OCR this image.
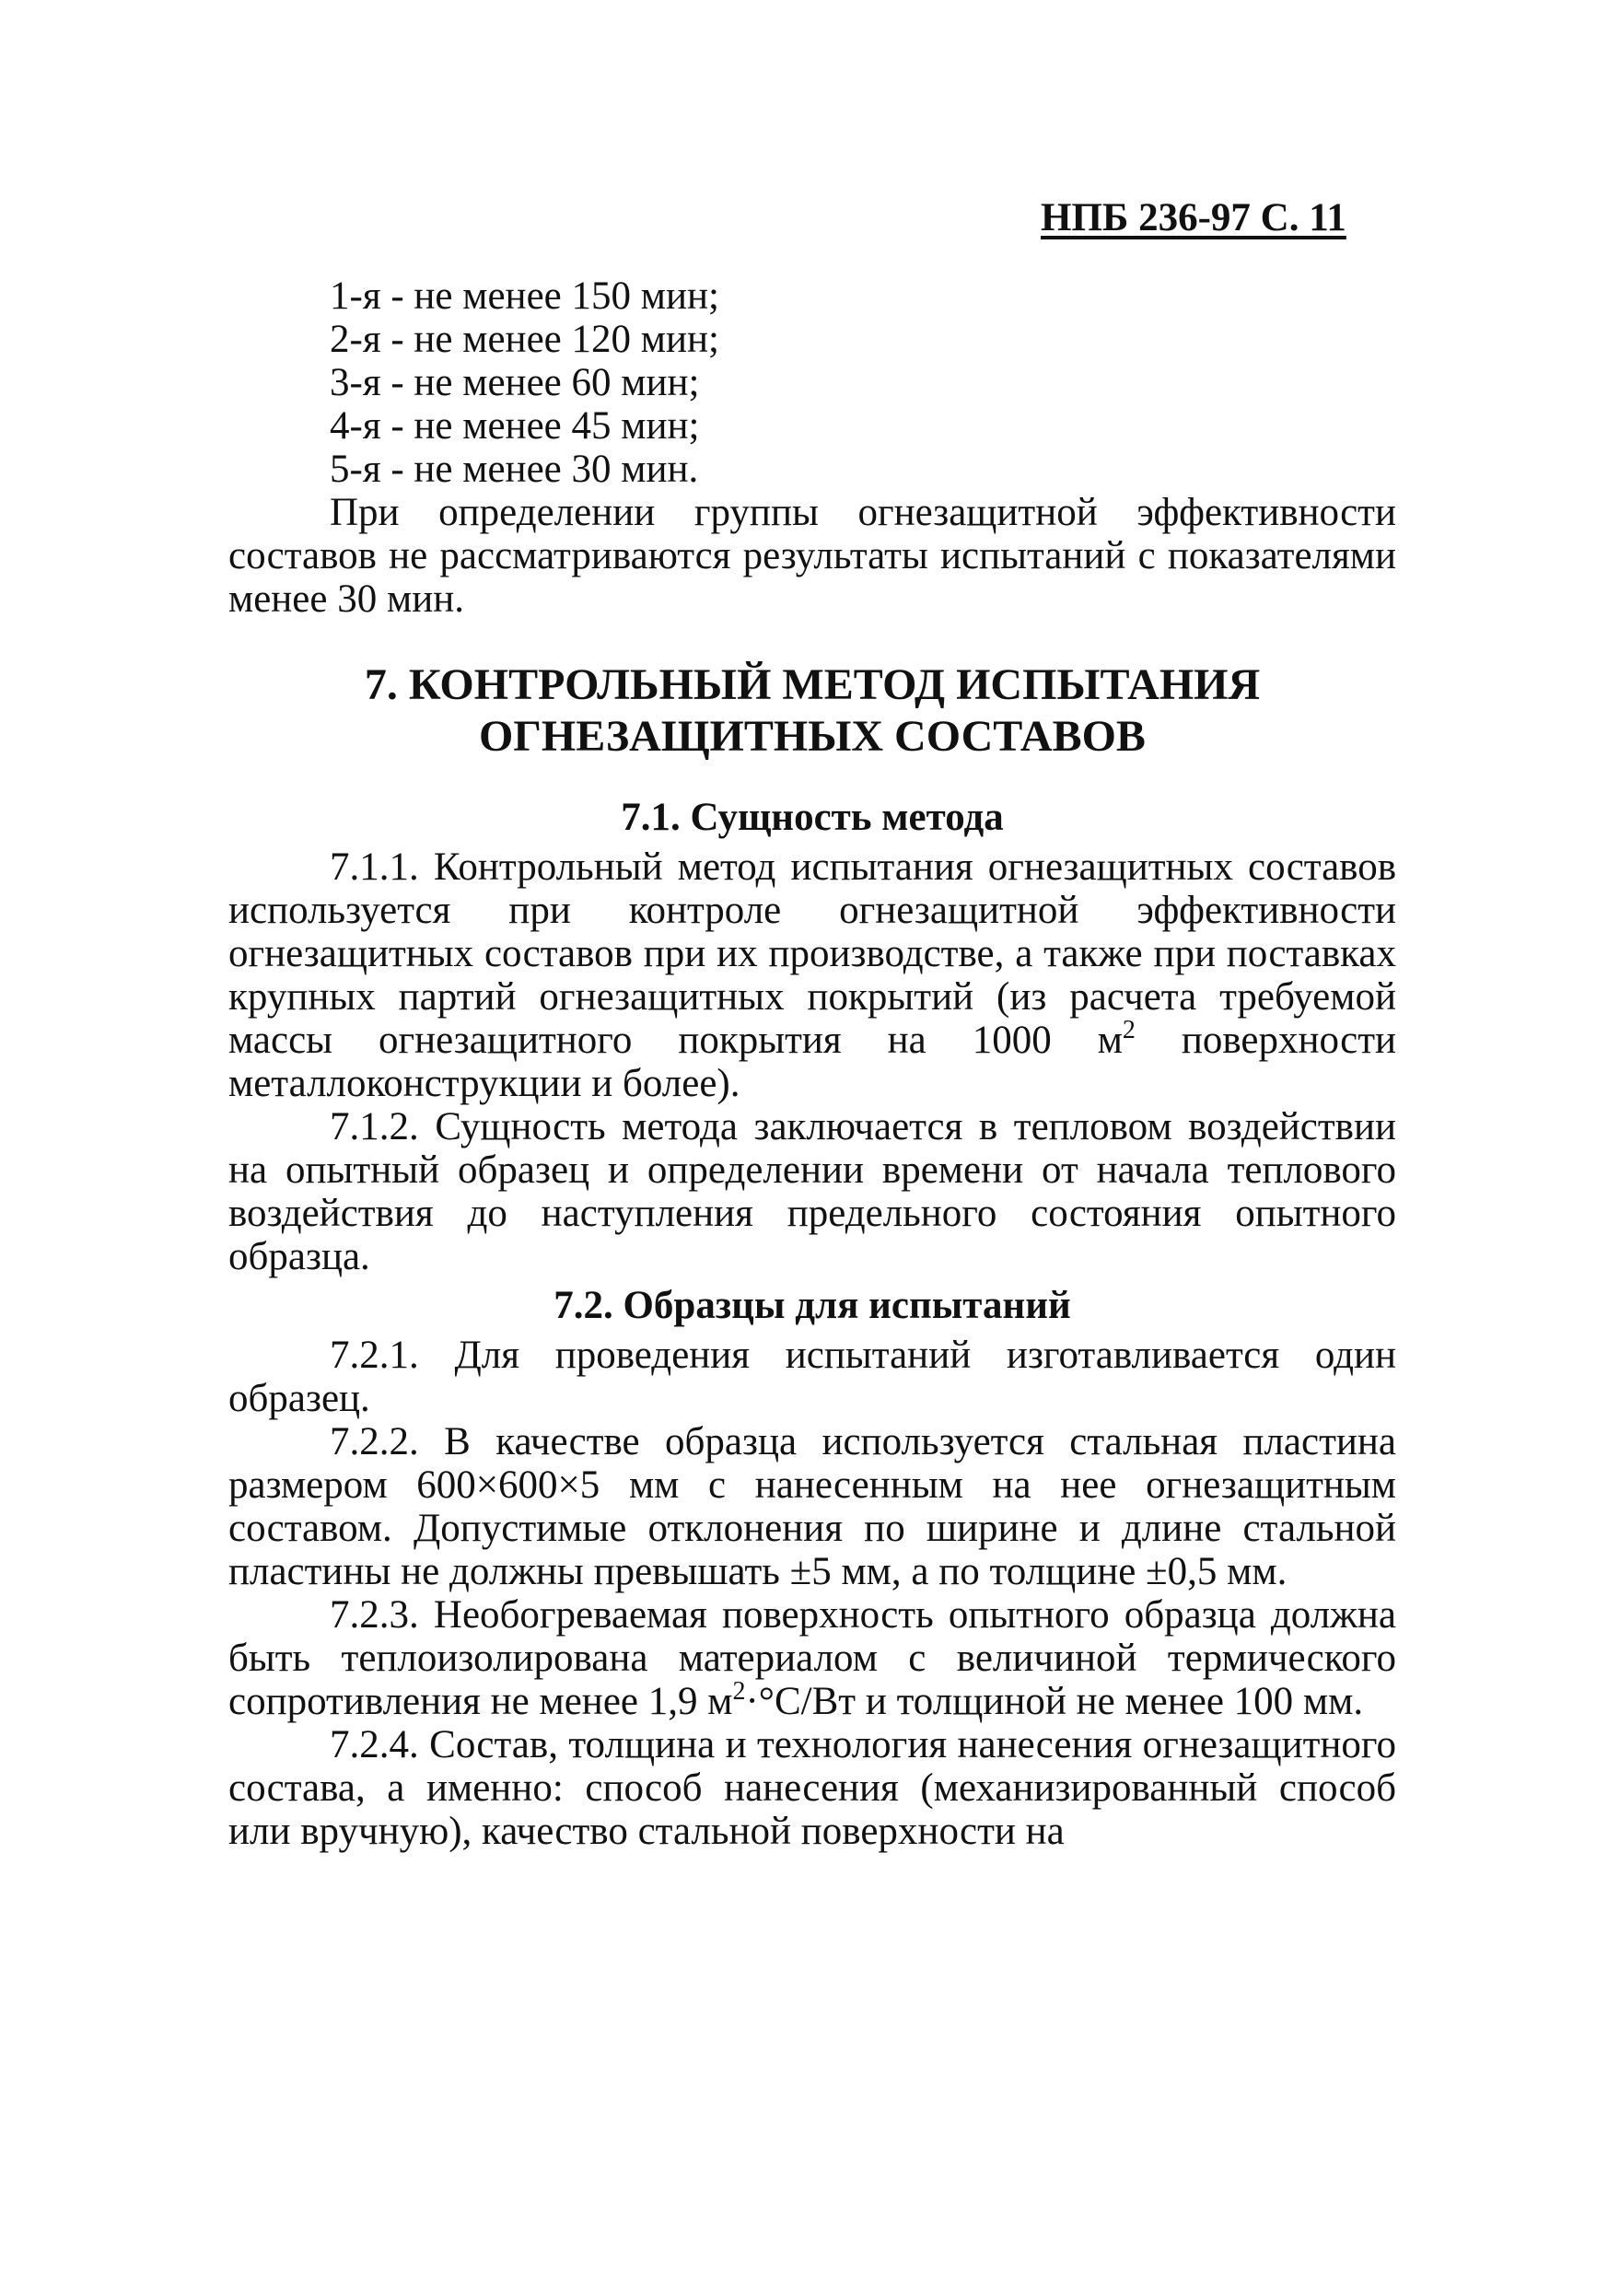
НПБ 236-97 С. 11

1-я - не менее 150 мин;

2-я - не менее 120 мин;

3-я - не менее 60 мин;

4-я - не менее 45 мин;

5-я - не менее 30 мин.

При определении группы огнезащитной эффективности составов не рассматриваются результаты испытаний с показателями менее 30 мин.

7. КОНТРОЛЬНЫЙ МЕТОД ИСПЫТАНИЯ
ОГНЕЗАЩИТНЫХ СОСТАВОВ
7.1. Сущность метода

7.1.1. Контрольный метод испытания огнезащитных составов используется при контроле огнезащитной эффективности огнезащитных составов при их производстве, а также при поставках крупных партий огнезащитных покрытий (из расчета требуемой массы огнезащитного покрытия на 1000 $м^2$ поверхности металлоконструкции и более).

7.1.2. Сущность метода заключается в тепловом воздействии на опытный образец и определении времени от начала теплового воздействия до наступления предельного состояния опытного образца.

7.2. Образцы для испытаний

7.2.1. Для проведения испытаний изготавливается один образец.

7.2.2. В качестве образца используется стальная пластина размером 600×600×5 мм с нанесенным на нее огнезащитным составом. Допустимые отклонения по ширине и длине стальной пластины не должны превышать ±5 мм, а по толщине ±0,5 мм.

7.2.3. Необогреваемая поверхность опытного образца должна быть теплоизолирована материалом с величиной термического сопротивления не менее 1,9 $м^2\cdot^\circ С/Вт$ и толщиной не менее 100 мм.

7.2.4. Состав, толщина и технология нанесения огнезащитного состава, а именно: способ нанесения (механизированный способ или вручную), качество стальной поверхности на
